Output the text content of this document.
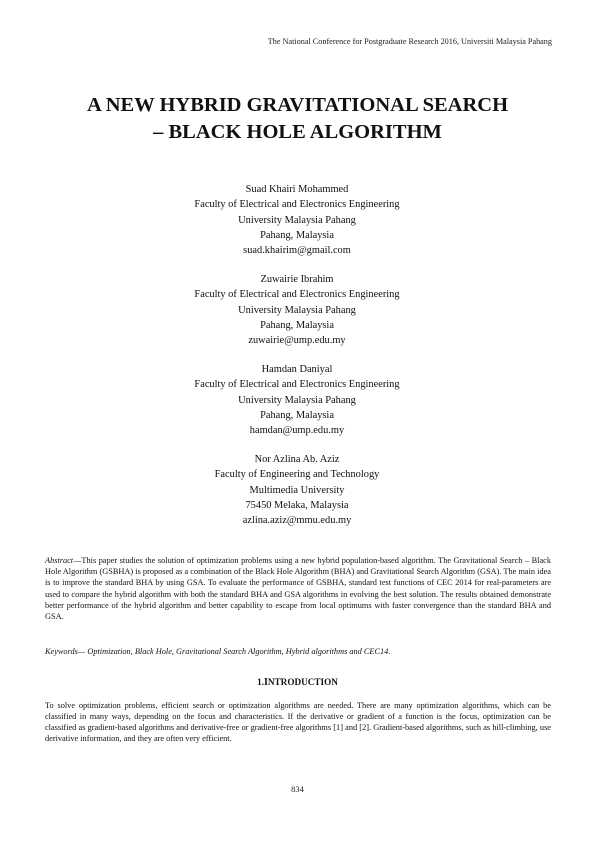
The National Conference for Postgraduate Research 2016, Universiti Malaysia Pahang
A NEW HYBRID GRAVITATIONAL SEARCH
– BLACK HOLE ALGORITHM
Suad Khairi Mohammed
Faculty of Electrical and Electronics Engineering
University Malaysia Pahang
Pahang, Malaysia
suad.khairim@gmail.com
Zuwairie Ibrahim
Faculty of Electrical and Electronics Engineering
University Malaysia Pahang
Pahang, Malaysia
zuwairie@ump.edu.my
Hamdan Daniyal
Faculty of Electrical and Electronics Engineering
University Malaysia Pahang
Pahang, Malaysia
hamdan@ump.edu.my
Nor Azlina Ab. Aziz
Faculty of Engineering and Technology
Multimedia University
75450 Melaka, Malaysia
azlina.aziz@mmu.edu.my

Abstract—This paper studies the solution of optimization problems using a new hybrid population-based algorithm. The Gravitational Search – Black Hole Algorithm (GSBHA) is proposed as a combination of the Black Hole Algorithm (BHA) and Gravitational Search Algorithm (GSA). The main idea is to improve the standard BHA by using GSA. To evaluate the performance of GSBHA, standard test functions of CEC 2014 for real-parameters are used to compare the hybrid algorithm with both the standard BHA and GSA algorithms in evolving the best solution. The results obtained demonstrate better performance of the hybrid algorithm and better capability to escape from local optimums with faster convergence than the standard BHA and GSA.

Keywords— Optimization, Black Hole, Gravitational Search Algorithm, Hybrid algorithms and CEC14.

1.INTRODUCTION

To solve optimization problems, efficient search or optimization algorithms are needed. There are many optimization algorithms, which can be classified in many ways, depending on the focus and characteristics. If the derivative or gradient of a function is the focus, optimization can be classified as gradient-based algorithms and derivative-free or gradient-free algorithms [1] and [2]. Gradient-based algorithms, such as hill-climbing, use derivative information, and they are often very efficient.

834
